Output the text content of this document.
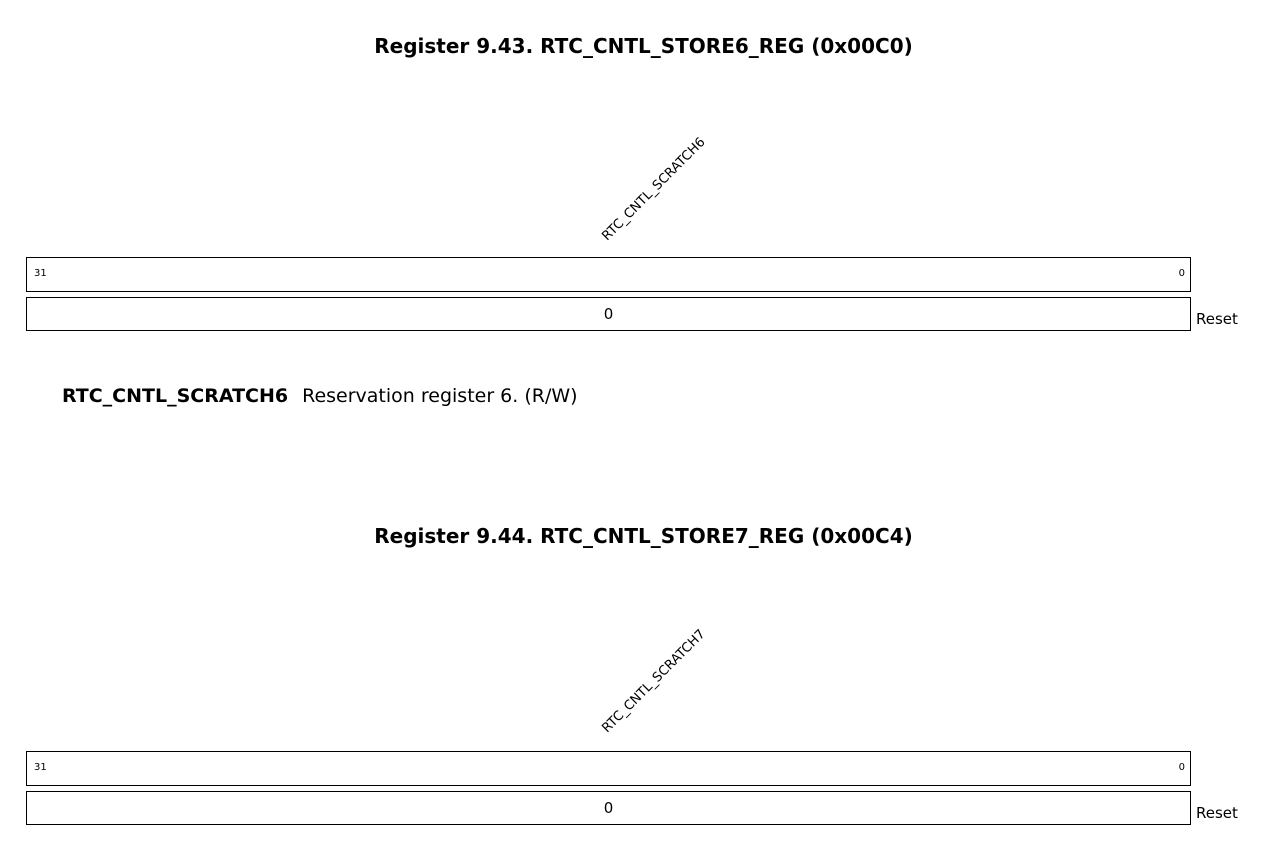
Register 9.43. RTC_CNTL_STORE6_REG (0x00C0)
RTC_CNTL_SCRATCH6
31	0
0	Reset
RTC_CNTL_SCRATCH6 Reservation register 6. (R/W)
Register 9.44. RTC_CNTL_STORE7_REG (0x00C4)
RTC_CNTL_SCRATCH7
31	0
0	Reset
